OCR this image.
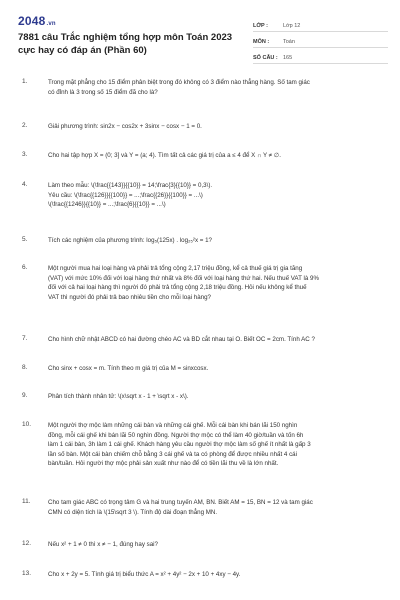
2048.vn
7881 câu Trắc nghiệm tổng hợp môn Toán 2023 cực hay có đáp án (Phần 60)
LỚP :	Lớp 12
MÔN :	Toán
SỐ CÂU : 165
1.	Trong mặt phẳng cho 15 điểm phân biệt trong đó không có 3 điểm nào thẳng hàng. Số tam giác

có đỉnh là 3 trong số 15 điểm đã cho là?

2.	Giải phương trình: sin2x − cos2x + 3sinx − cosx − 1 = 0.

3.	Cho hai tập hợp X = (0; 3] và Y = (a; 4). Tìm tất cả các giá trị của a ≤ 4 để X ∩ Y ≠ ∅.

4.	Làm theo mẫu: \(\frac{{143}}{{10}} = 14;\frac{3}{{10}} = 0,3\).

Yêu cầu: \(\frac{{126}}{{100}} = ...;\frac{{26}}{{100}} = ...\)

\(\frac{{1246}}{{10}} = ...;\frac{6}{{10}} = ...\)

5.	Tích các nghiệm của phương trình: log₅(125x) . log₂₅²x = 1?

6.	Một người mua hai loại hàng và phải trả tổng cộng 2,17 triệu đồng, kể cả thuế giá trị gia tăng

(VAT) với mức 10% đối với loại hàng thứ nhất và 8% đối với loại hàng thứ hai. Nếu thuế VAT là 9%

đối với cả hai loại hàng thì người đó phải trả tổng cộng 2,18 triệu đồng. Hỏi nếu không kể thuế

VAT thì người đó phải trả bao nhiêu tiền cho mỗi loại hàng?

7.	Cho hình chữ nhật ABCD có hai đường chéo AC và BD cắt nhau tại O. Biết OC = 2cm. Tính AC ?

8.	Cho sinx + cosx = m. Tính theo m giá trị của M = sinxcosx.

9.	Phân tích thành nhân tử: \(x\sqrt x - 1 + \sqrt x - x\).

10.	Một người thợ mộc làm những cái bàn và những cái ghế. Mỗi cái bàn khi bán lãi 150 nghìn

đồng, mỗi cái ghế khi bán lãi 50 nghìn đồng. Người thợ mộc có thể làm 40 giờ/tuần và tốn 6h

làm 1 cái bàn, 3h làm 1 cái ghế. Khách hàng yêu cầu người thợ mộc làm số ghế ít nhất là gấp 3

lần số bàn. Một cái bàn chiếm chỗ bằng 3 cái ghế và ta có phòng để được nhiều nhất 4 cái

bàn/tuần. Hỏi người thợ mộc phải sản xuất như nào để có tiền lãi thu về là lớn nhất.

11.	Cho tam giác ABC có trọng tâm G và hai trung tuyến AM, BN. Biết AM = 15, BN = 12 và tam giác

CMN có diện tích là \(15\sqrt 3 \). Tính độ dài đoạn thẳng MN.

12.	Nếu x² + 1 ≠ 0 thì x ≠ − 1, đúng hay sai?

13.	Cho x + 2y = 5. Tính giá trị biểu thức A = x² + 4y² − 2x + 10 + 4xy − 4y.
